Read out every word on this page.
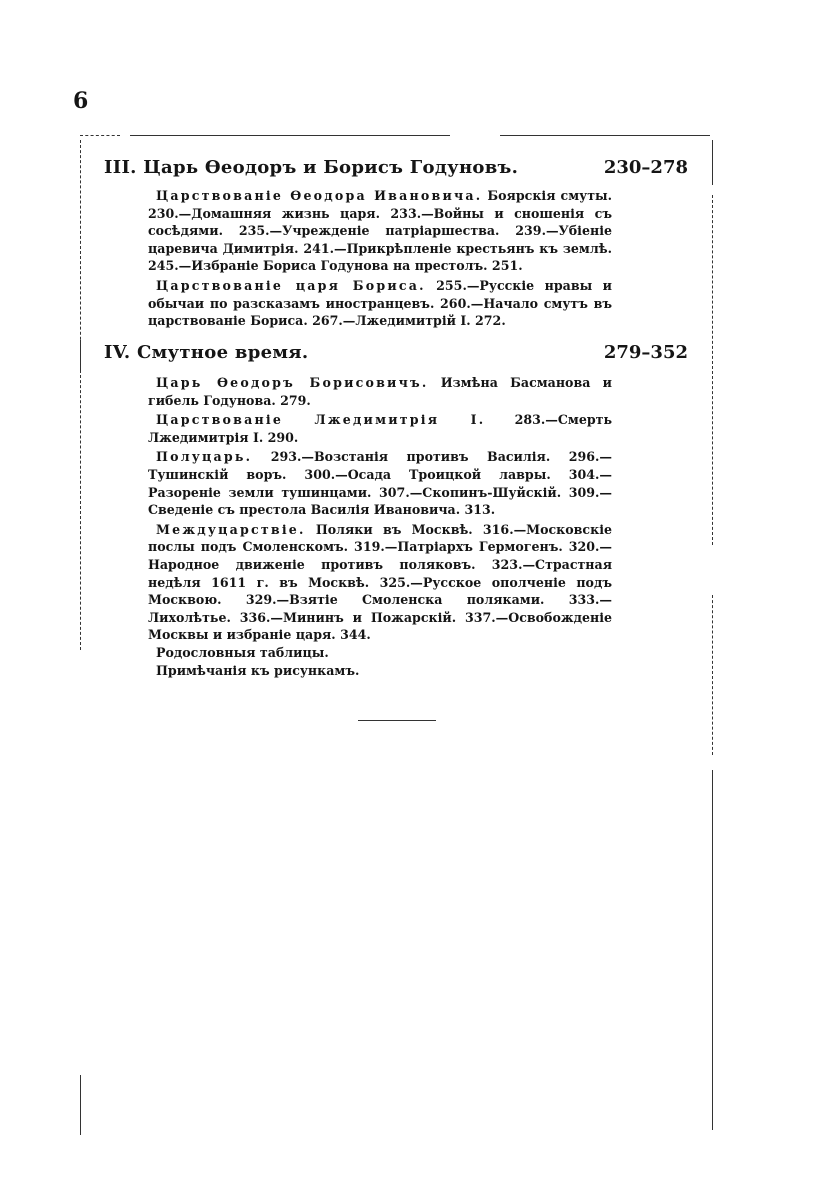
6
III. Царь Ѳеодоръ и Борисъ Годуновъ.	230–278

Царствованіе Ѳеодора Ивановича. Боярскія смуты. 230.—Домашняя жизнь царя. 233.—Войны и сношенія съ сосѣдями. 235.—Учрежденіе патріаршества. 239.—Убіеніе царевича Димитрія. 241.—Прикрѣпленіе крестьянъ къ землѣ. 245.—Избраніе Бориса Годунова на престолъ. 251.

Царствованіе царя Бориса. 255.—Русскіе нравы и обычаи по разсказамъ иностранцевъ. 260.—Начало смутъ въ царствованіе Бориса. 267.—Лжедимитрій I. 272.

IV. Смутное время.	279–352

Царь Ѳеодоръ Борисовичъ. Измѣна Басманова и гибель Годунова. 279.

Царствованіе Лжедимитрія I. 283.—Смерть Лжедимитрія I. 290.

Полуцарь. 293.—Возстанія противъ Василія. 296.—Тушинскій воръ. 300.—Осада Троицкой лавры. 304.—Разореніе земли тушинцами. 307.—Скопинъ-Шуйскій. 309.—Сведеніе съ престола Василія Ивановича. 313.

Междуцарствіе. Поляки въ Москвѣ. 316.—Московскіе послы подъ Смоленскомъ. 319.—Патріархъ Гермогенъ. 320.—Народное движеніе противъ поляковъ. 323.—Страстная недѣля 1611 г. въ Москвѣ. 325.—Русское ополченіе подъ Москвою. 329.—Взятіе Смоленска поляками. 333.—Лихолѣтье. 336.—Мининъ и Пожарскій. 337.—Освобожденіе Москвы и избраніе царя. 344.

Родословныя таблицы.

Примѣчанія къ рисункамъ.
